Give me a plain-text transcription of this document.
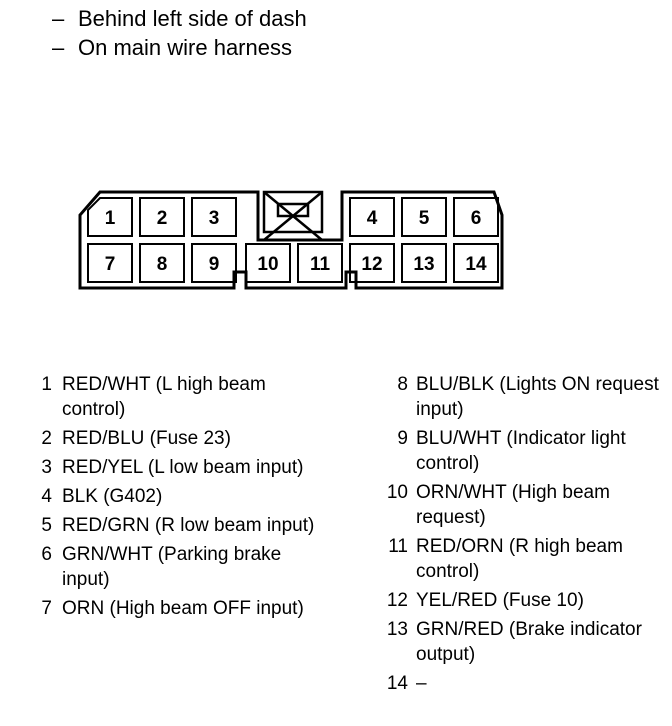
– Behind left side of dash
– On main wire harness
1 2 3	4 5 6
7 8 9 10 11 12 13 14
1 RED/WHT (L high beam control)
2 RED/BLU (Fuse 23)
3 RED/YEL (L low beam input)
4 BLK (G402)
5 RED/GRN (R low beam input)
6 GRN/WHT (Parking brake input)
7 ORN (High beam OFF input)
8 BLU/BLK (Lights ON request input)
9 BLU/WHT (Indicator light control)
10 ORN/WHT (High beam request)
11 RED/ORN (R high beam control)
12 YEL/RED (Fuse 10)
13 GRN/RED (Brake indicator output)
14 –
